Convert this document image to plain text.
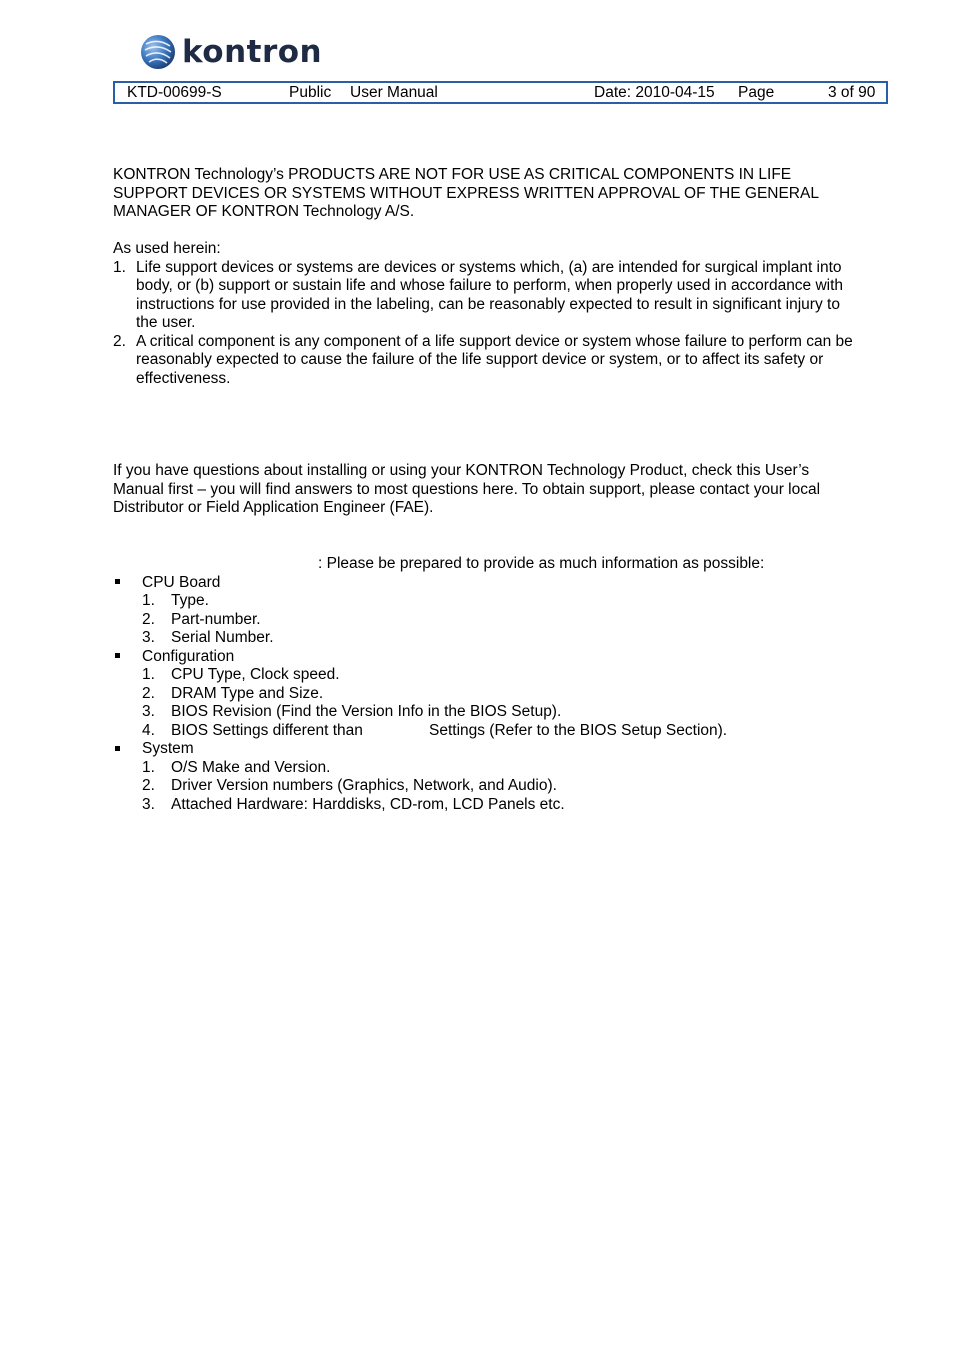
kontron
KTD-00699-S	Public User Manual	Date: 2010-04-15 Page	3 of 90
KONTRON Technology’s PRODUCTS ARE NOT FOR USE AS CRITICAL COMPONENTS IN LIFE
SUPPORT DEVICES OR SYSTEMS WITHOUT EXPRESS WRITTEN APPROVAL OF THE GENERAL
MANAGER OF KONTRON Technology A/S.
As used herein:
1. Life support devices or systems are devices or systems which, (a) are intended for surgical implant into
body, or (b) support or sustain life and whose failure to perform, when properly used in accordance with
instructions for use provided in the labeling, can be reasonably expected to result in significant injury to
the user.
2. A critical component is any component of a life support device or system whose failure to perform can be
reasonably expected to cause the failure of the life support device or system, or to affect its safety or
effectiveness.
If you have questions about installing or using your KONTRON Technology Product, check this User’s
Manual first – you will find answers to most questions here. To obtain support, please contact your local
Distributor or Field Application Engineer (FAE).
: Please be prepared to provide as much information as possible:
CPU Board
1. Type.
2. Part-number.
3. Serial Number.
Configuration
1. CPU Type, Clock speed.
2. DRAM Type and Size.
3. BIOS Revision (Find the Version Info in the BIOS Setup).
4. BIOS Settings different than	Settings (Refer to the BIOS Setup Section).
System
1. O/S Make and Version.
2. Driver Version numbers (Graphics, Network, and Audio).
3. Attached Hardware: Harddisks, CD-rom, LCD Panels etc.
